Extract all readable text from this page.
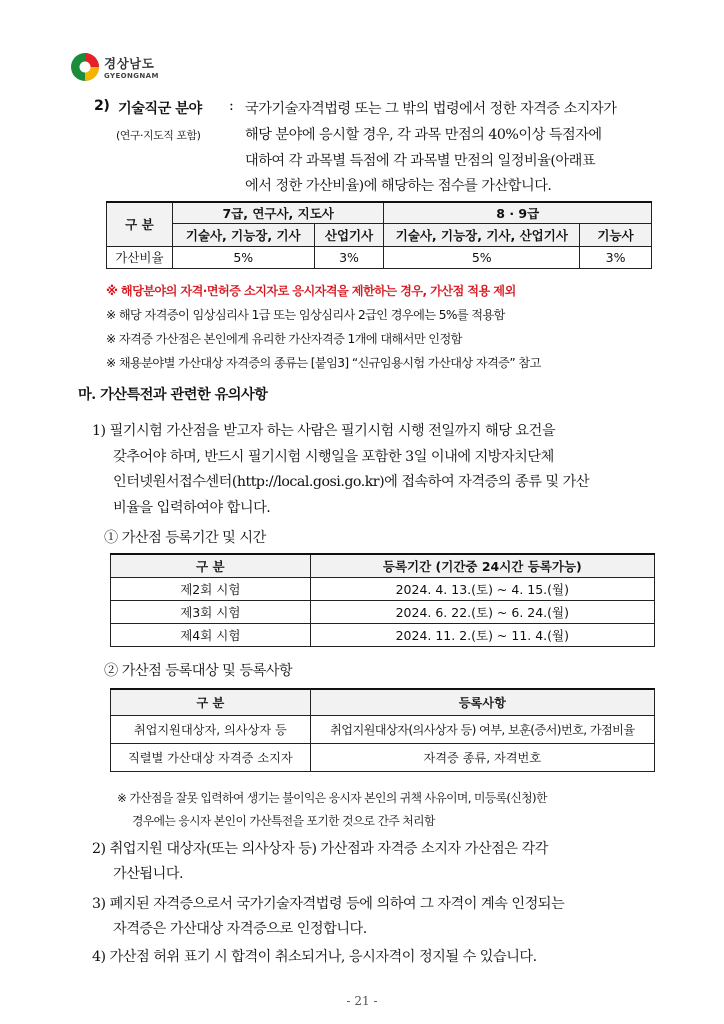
경상남도
GYEONGNAM
2) 기술직군 분야 :
(연구·지도직 포함)
국가기술자격법령 또는 그 밖의 법령에서 정한 자격증 소지자가
해당 분야에 응시할 경우, 각 과목 만점의 40%이상 득점자에
대하여 각 과목별 득점에 각 과목별 만점의 일정비율(아래표
에서 정한 가산비율)에 해당하는 점수를 가산합니다.
구 분	7급, 연구사, 지도사		8 · 9급	
	기술사, 기능장, 기사	산업기사	기술사, 기능장, 기사, 산업기사	기능사
가산비율	5%	3%	5%	3%
※ 해당분야의 자격·면허증 소지자로 응시자격을 제한하는 경우, 가산점 적용 제외
※ 해당 자격증이 임상심리사 1급 또는 임상심리사 2급인 경우에는 5%를 적용함
※ 자격증 가산점은 본인에게 유리한 가산자격증 1개에 대해서만 인정함
※ 채용분야별 가산대상 자격증의 종류는 [붙임3] “신규임용시험 가산대상 자격증” 참고
마. 가산특전과 관련한 유의사항
1) 필기시험 가산점을 받고자 하는 사람은 필기시험 시행 전일까지 해당 요건을
갖추어야 하며, 반드시 필기시험 시행일을 포함한 3일 이내에 지방자치단체
인터넷원서접수센터(http://local.gosi.go.kr)에 접속하여 자격증의 종류 및 가산
비율을 입력하여야 합니다.
① 가산점 등록기간 및 시간
구 분	등록기간 (기간중 24시간 등록가능)
제2회 시험	2024. 4. 13.(토) ~ 4. 15.(월)
제3회 시험	2024. 6. 22.(토) ~ 6. 24.(월)
제4회 시험	2024. 11. 2.(토) ~ 11. 4.(월)
② 가산점 등록대상 및 등록사항
구 분	등록사항
취업지원대상자, 의사상자 등	취업지원대상자(의사상자 등) 여부, 보훈(증서)번호, 가점비율
직렬별 가산대상 자격증 소지자	자격증 종류, 자격번호
※ 가산점을 잘못 입력하여 생기는 불이익은 응시자 본인의 귀책 사유이며, 미등록(신청)한
경우에는 응시자 본인이 가산특전을 포기한 것으로 간주 처리함
2) 취업지원 대상자(또는 의사상자 등) 가산점과 자격증 소지자 가산점은 각각
가산됩니다.
3) 폐지된 자격증으로서 국가기술자격법령 등에 의하여 그 자격이 계속 인정되는
자격증은 가산대상 자격증으로 인정합니다.
4) 가산점 허위 표기 시 합격이 취소되거나, 응시자격이 정지될 수 있습니다.
- 21 -
